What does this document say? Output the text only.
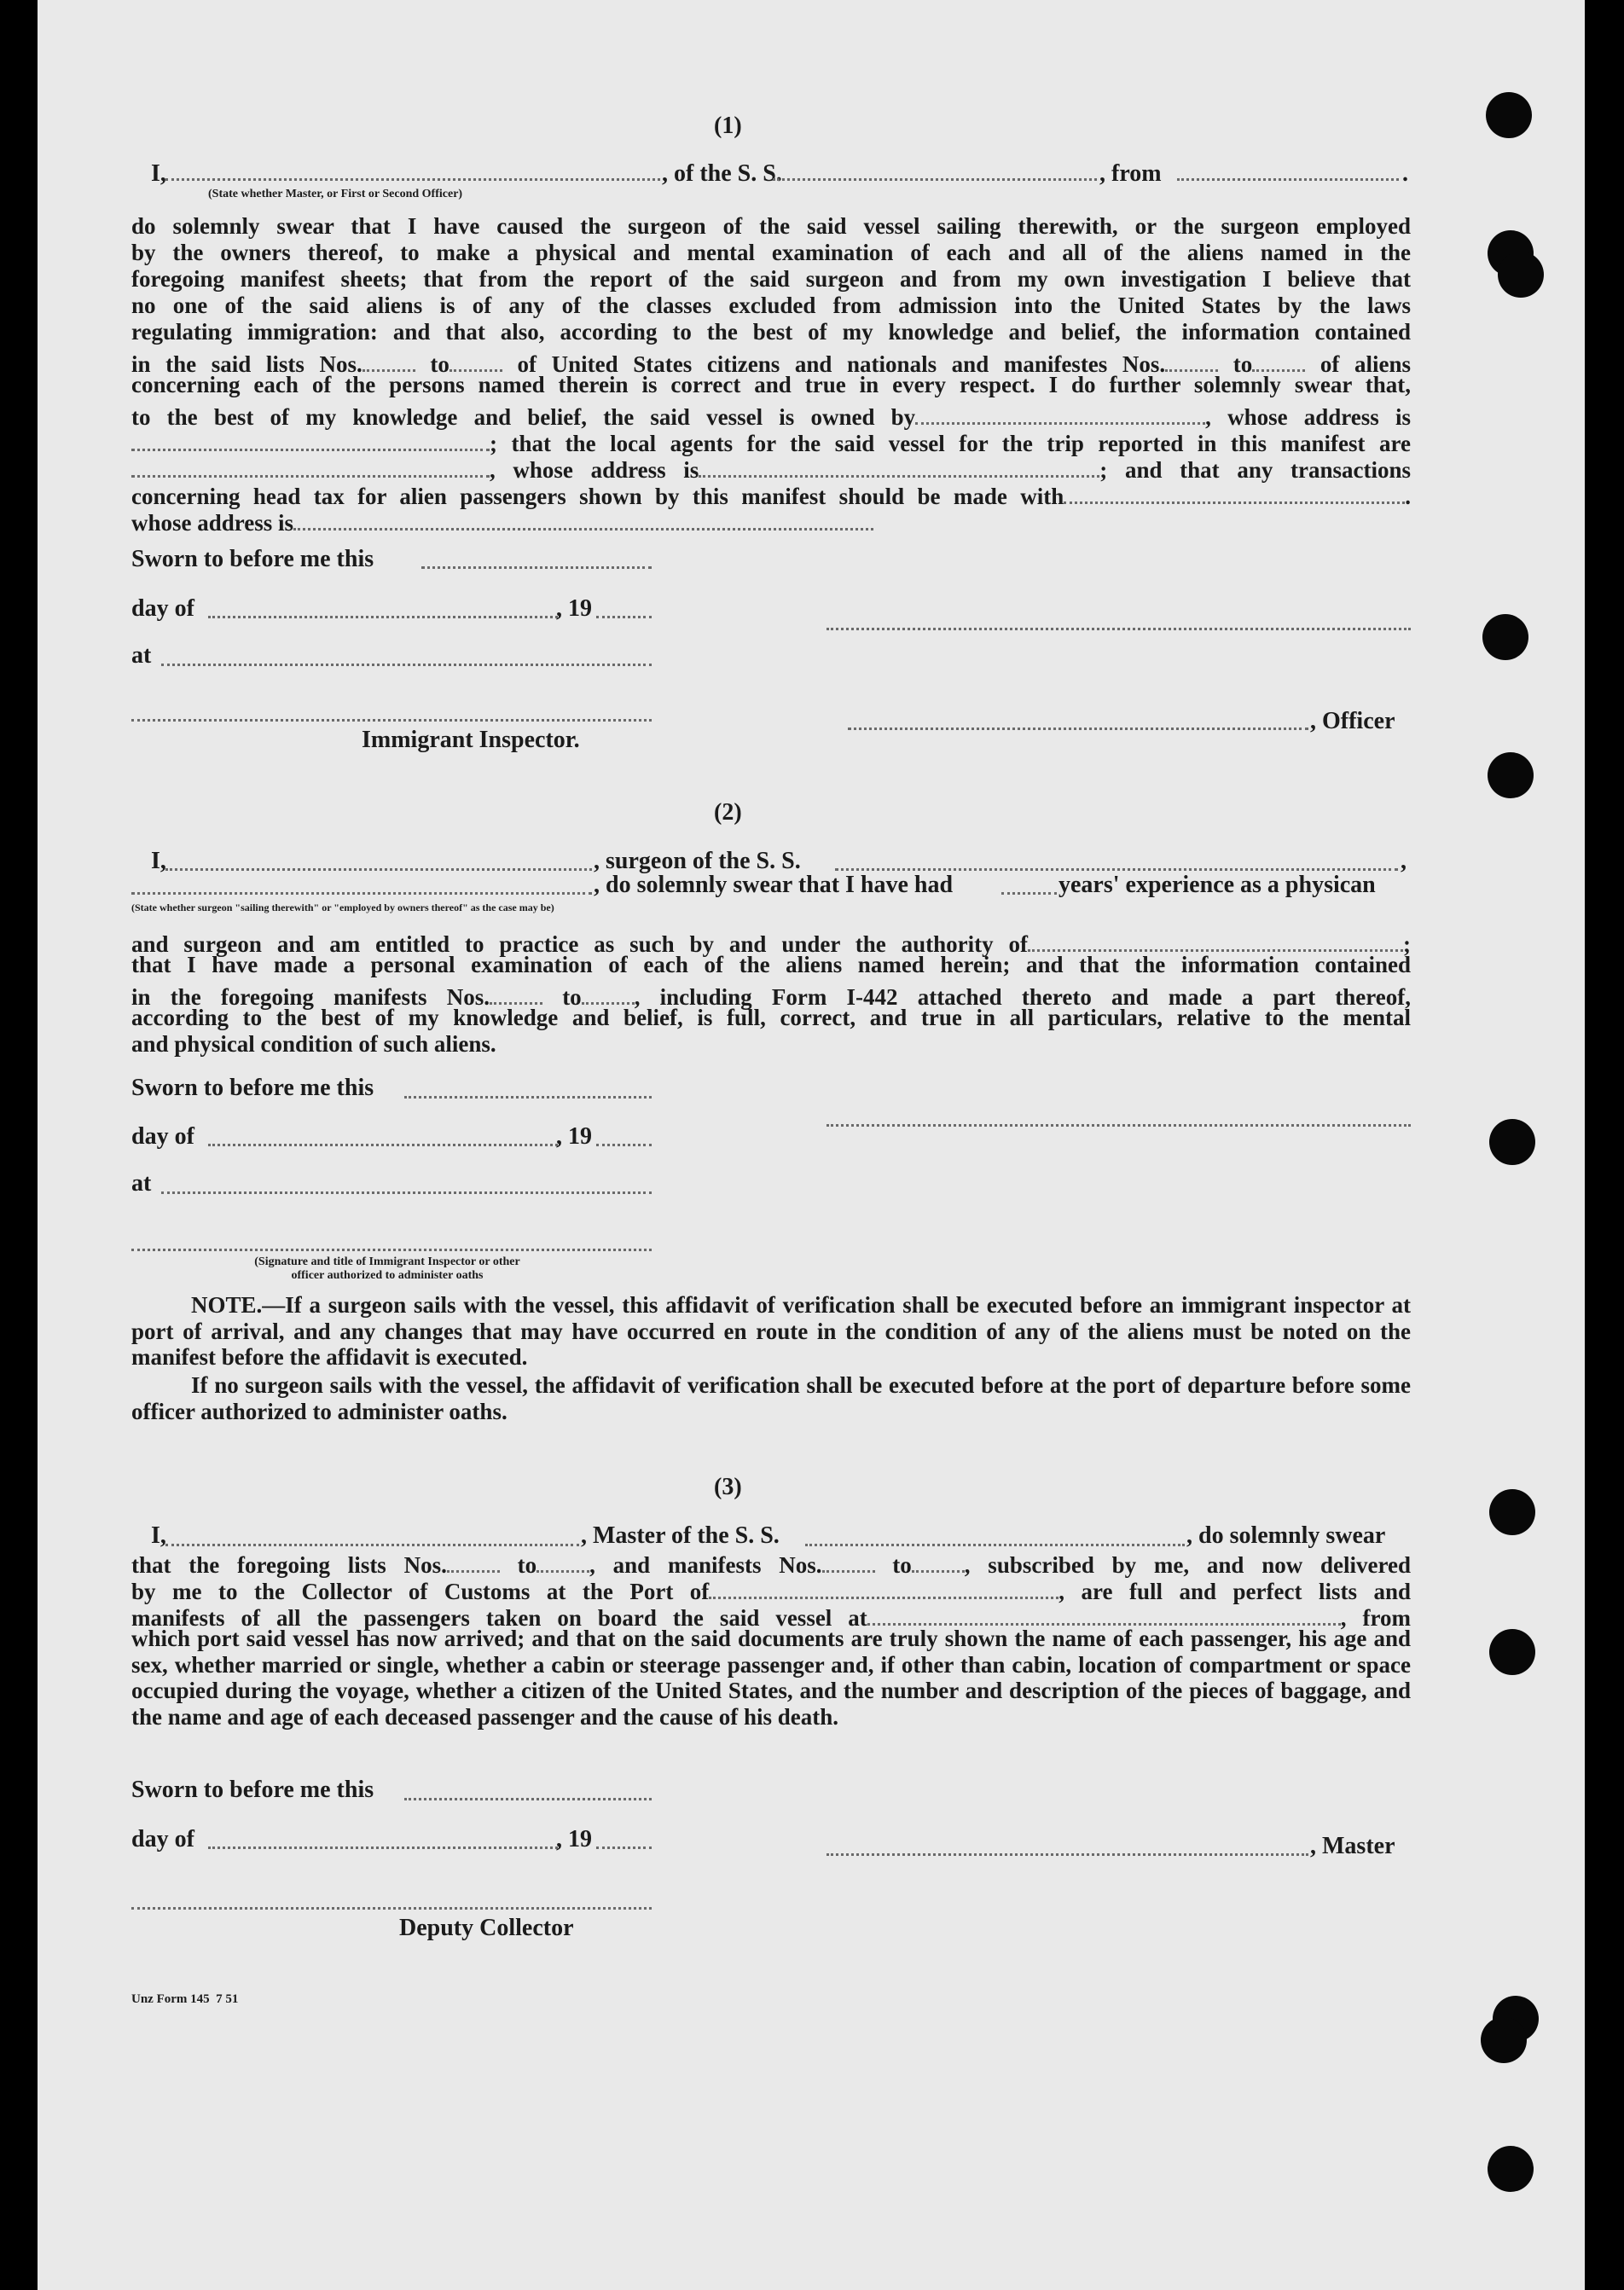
(1)
I,	, of the S. S.	, from	.
(State whether Master, or First or Second Officer)
do solemnly swear that I have caused the surgeon of the said vessel sailing therewith, or the surgeon employed
by the owners thereof, to make a physical and mental examination of each and all of the aliens named in the
foregoing manifest sheets; that from the report of the said surgeon and from my own investigation I believe that
no one of the said aliens is of any of the classes excluded from admission into the United States by the laws
regulating immigration: and that also, according to the best of my knowledge and belief, the information contained
in the said lists Nos.	to	of United States citizens and nationals and manifestes Nos.	to	of aliens
concerning each of the persons named therein is correct and true in every respect. I do further solemnly swear that,
to the best of my knowledge and belief, the said vessel is owned by	, whose address is
; that the local agents for the said vessel for the trip reported in this manifest are
, whose address is	; and that any transactions
concerning head tax for alien passengers shown by this manifest should be made with	.
whose address is
Sworn to before me this
day of	, 19
at
, Officer
Immigrant Inspector.
(2)
I,	, surgeon of the S. S.	,
, do solemnly swear that I have had	years' experience as a physican
(State whether surgeon "sailing therewith" or "employed by owners thereof" as the case may be)
and surgeon and am entitled to practice as such by and under the authority of	;
that I have made a personal examination of each of the aliens named herein; and that the information contained
in the foregoing manifests Nos.	to , including Form I-442 attached thereto and made a part thereof,
according to the best of my knowledge and belief, is full, correct, and true in all particulars, relative to the mental
and physical condition of such aliens.
Sworn to before me this
day of	, 19
at
(Signature and title of Immigrant Inspector or other
officer authorized to administer oaths
NOTE.—If a surgeon sails with the vessel, this affidavit of verification shall be executed before an immigrant inspector at port of arrival, and any changes that may have occurred en route in the condition of any of the aliens must be noted on the manifest before the affidavit is executed.
If no surgeon sails with the vessel, the affidavit of verification shall be executed before at the port of departure before some officer authorized to administer oaths.
(3)
I,	, Master of the S. S.	, do solemnly swear
that the foregoing lists Nos.	to , and manifests Nos.	to , subscribed by me, and now delivered
by me to the Collector of Customs at the Port of	, are full and perfect lists and
manifests of all the passengers taken on board the said vessel at	, from
which port said vessel has now arrived; and that on the said documents are truly shown the name of each passenger, his age and sex, whether married or single, whether a cabin or steerage passenger and, if other than cabin, location of compartment or space occupied during the voyage, whether a citizen of the United States, and the number and description of the pieces of baggage, and the name and age of each deceased passenger and the cause of his death.
Sworn to before me this
day of	, 19	, Master
Deputy Collector
Unz Form 145  7 51
